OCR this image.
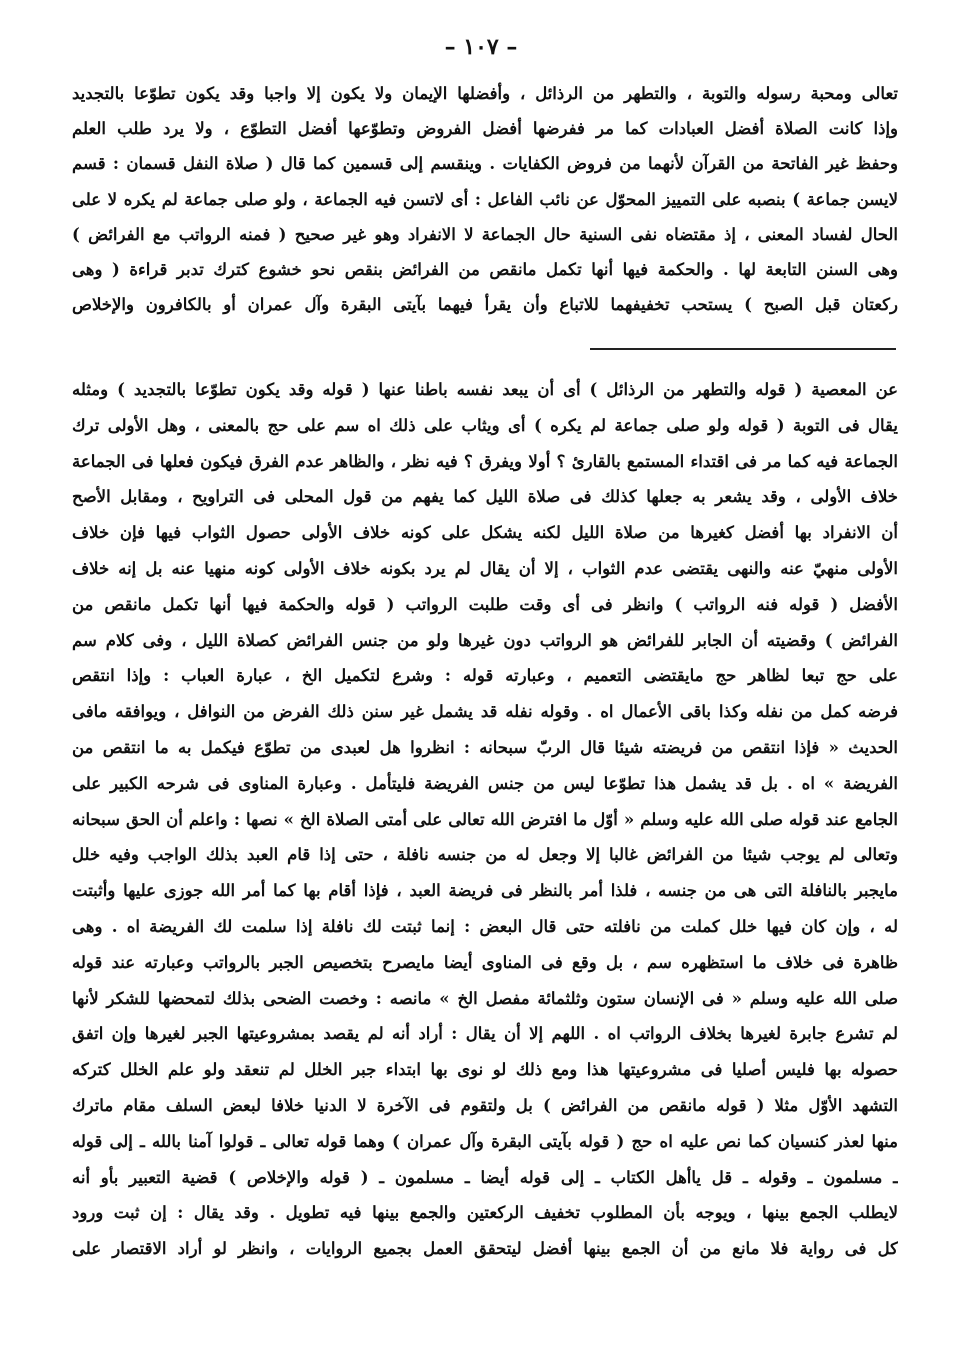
– ١٠٧ –
تعالى ومحبة رسوله والتوبة ، والتطهر من الرذائل ، وأفضلها الإيمان ولا يكون إلا واجبا وقد يكون تطوّعا بالتجديد
وإذا كانت الصلاة أفضل العبادات كما مر ففرضها أفضل الفروض وتطوّعها أفضل التطوّع ، ولا يرد طلب العلم
وحفظ غير الفاتحة من القرآن لأنهما من فروض الكفايات . وينقسم إلى قسمين كما قال ( صلاة النفل قسمان : قسم
لايسن جماعة ) بنصبه على التمييز المحوّل عن نائب الفاعل : أى لاتسن فيه الجماعة ، ولو صلى جماعة لم يكره لا على
الحال لفساد المعنى ، إذ مقتضاه نفى السنية حال الجماعة لا الانفراد وهو غير صحيح ( فمنه الرواتب مع الفرائض )
وهى السنن التابعة لها . والحكمة فيها أنها تكمل مانقص من الفرائض بنقص نحو خشوع كترك تدبر قراءة ( وهى
ركعتان قبل الصبح ) يستحب تخفيفهما للاتباع وأن يقرأ فيهما بآيتى البقرة وآل عمران أو بالكافرون والإخلاص
عن المعصية ( قوله والتطهر من الرذائل ) أى أن يبعد نفسه باطنا عنها ( قوله وقد يكون تطوّعا بالتجديد ) ومثله
يقال فى التوبة ( قوله ولو صلى جماعة لم يكره ) أى ويثاب على ذلك اه سم على حج بالمعنى ، وهل الأولى ترك
الجماعة فيه كما مر فى اقتداء المستمع بالقارئ ؟ أولا ويفرق ؟ فيه نظر ، والظاهر عدم الفرق فيكون فعلها فى الجماعة
خلاف الأولى ، وقد يشعر به جعلها كذلك فى صلاة الليل كما يفهم من قول المحلى فى التراويح ، ومقابل الأصح
أن الانفراد بها أفضل كغيرها من صلاة الليل لكنه يشكل على كونه خلاف الأولى حصول الثواب فيها فإن خلاف
الأولى منهيّ عنه والنهى يقتضى عدم الثواب ، إلا أن يقال لم يرد بكونه خلاف الأولى كونه منهيا عنه بل إنه خلاف
الأفضل ( قوله فنه الرواتب ) وانظر فى أى وقت طلبت الرواتب ( قوله والحكمة فيها أنها تكمل مانقص من
الفرائض ) وقضيته أن الجابر للفرائض هو الرواتب دون غيرها ولو من جنس الفرائض كصلاة الليل ، وفى كلام سم
على حج تبعا لظاهر حج مايقتضى التعميم ، وعبارته قوله : وشرع لتكميل الخ ، عبارة العباب : وإذا انتقص
فرضه كمل من نفله وكذا باقى الأعمال اه . وقوله نفله قد يشمل غير سنن ذلك الفرض من النوافل ، ويوافقه مافى
الحديث « فإذا انتقص من فريضته شيئا قال الربّ سبحانه : انظروا هل لعبدى من تطوّع فيكمل به ما انتقص من
الفريضة » اه . بل قد يشمل هذا تطوّعا ليس من جنس الفريضة فليتأمل . وعبارة المناوى فى شرحه الكبير على
الجامع عند قوله صلى الله عليه وسلم « أوّل ما افترض الله تعالى على أمتى الصلاة الخ » نصها : واعلم أن الحق سبحانه
وتعالى لم يوجب شيئا من الفرائض غالبا إلا وجعل له من جنسه نافلة ، حتى إذا قام العبد بذلك الواجب وفيه خلل
مايجبر بالنافلة التى هى من جنسه ، فلذا أمر بالنظر فى فريضة العبد ، فإذا أقام بها كما أمر الله جوزى عليها وأثبتت
له ، وإن كان فيها خلل كملت من نافلته حتى قال البعض : إنما ثبتت لك نافلة إذا سلمت لك الفريضة اه . وهى
ظاهرة فى خلاف ما استظهره سم ، بل وقع فى المناوى أيضا مايصرح بتخصيص الجبر بالرواتب وعبارته عند قوله
صلى الله عليه وسلم « فى الإنسان ستون وثلثمائة مفصل الخ » مانصه : وخصت الضحى بذلك لتمحضها للشكر لأنها
لم تشرع جابرة لغيرها بخلاف الرواتب اه . اللهم إلا أن يقال : أراد أنه لم يقصد بمشروعيتها الجبر لغيرها وإن اتفق
حصوله بها فليس أصليا فى مشروعيتها هذا ومع ذلك لو نوى بها ابتداء جبر الخلل لم تنعقد ولو علم الخلل كتركه
التشهد الأوّل مثلا ( قوله مانقص من الفرائض ) بل ولتقوم فى الآخرة لا الدنيا خلافا لبعض السلف مقام ماترك
منها لعذر كنسيان كما نص عليه اه حج ( قوله بآيتى البقرة وآل عمران ) وهما قوله تعالى ـ قولوا آمنا بالله ـ إلى قوله
ـ مسلمون ـ وقوله ـ قل ياأهل الكتاب ـ إلى قوله أيضا ـ مسلمون ـ ( قوله والإخلاص ) قضية التعبير بأو أنه
لايطلب الجمع بينها ، ويوجه بأن المطلوب تخفيف الركعتين والجمع بينها فيه تطويل . وقد يقال : إن ثبت ورود
كل فى رواية فلا مانع من أن الجمع بينها أفضل ليتحقق العمل بجميع الروايات ، وانظر لو أراد الاقتصار على
